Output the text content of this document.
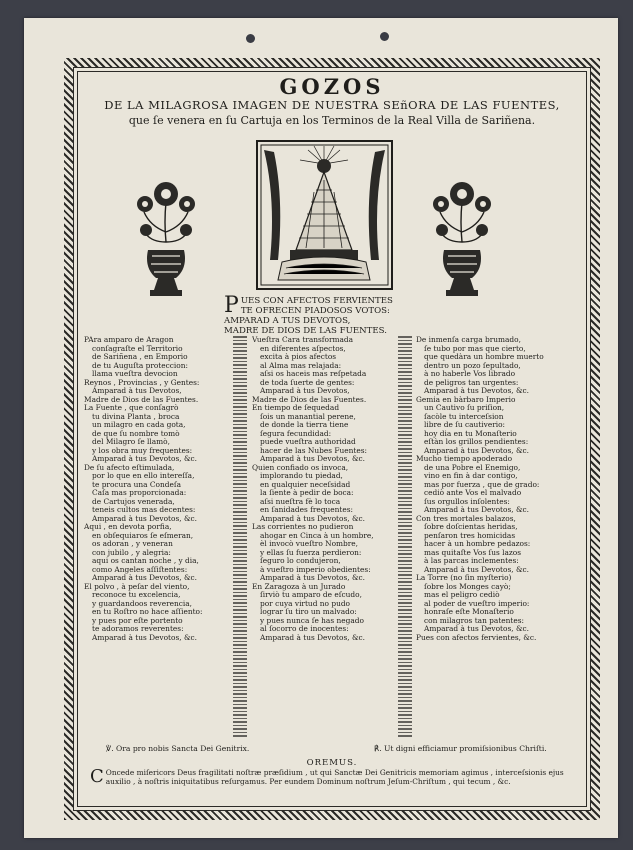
GOZOS
DE LA MILAGROSA IMAGEN DE NUESTRA SEñORA DE LAS FUENTES,
que ſe venera en ſu Cartuja en los Terminos de la Real Villa de Sariñena.
P UES CON AFECTOS FERVIENTES
TE OFRECEN PIADOSOS VOTOS:
AMPARAD A TUS DEVOTOS,
MADRE DE DIOS DE LAS FUENTES.
PAra amparo de Aragon
conſagraſte el Territorio
de Sariñena , en Emporio
de tu Auguſta proteccion:
llama vueſtra devocion
Reynos , Provincias , y Gentes:
Amparad à tus Devotos,
Madre de Dios de las Fuentes.
La Fuente , que conſagrò
tu divina Planta , broca
un milagro en cada gota,
de que ſu nombre tomò
del Milagro ſe llamò,
y los obra muy frequentes:
Amparad à tus Devotos, &c.
De ſu afecto eſtimulada,
por lo que en ello intereſſa,
te procura una Condeſa
Caſa mas proporcionada:
de Cartujos venerada,
teneis cultos mas decentes:
Amparad à tus Devotos, &c.
Aqui , en devota porfia,
en obſequiaros ſe eſmeran,
os adoran , y veneran
con jubilo , y alegria:
aqui os cantan noche , y dia,
como Angeles aſſiſtentes:
Amparad à tus Devotos, &c.
El polvo , à peſar del viento,
reconoce tu excelencia,
y guardandoos reverencia,
en tu Roſtro no hace aſſiento:
y pues por eſte portento
te adoramos reverentes:
Amparad à tus Devotos, &c.
Vueſtra Cara transformada
en diferentes aſpectos,
excita à pios afectos
al Alma mas relajada:
aſsi os haceis mas reſpetada
de toda ſuerte de gentes:
Amparad à tus Devotos,
Madre de Dios de las Fuentes.
En tiempo de ſequedad
ſois un manantial perene,
de donde la tierra tiene
ſegura fecundidad:
puede vueſtra authoridad
hacer de las Nubes Fuentes:
Amparad à tus Devotos, &c.
Quien confiado os invoca,
implorando tu piedad,
en qualquier neceſsidad
la ſiente à pedir de boca:
aſsi nueſtra fè lo toca
en ſanidades frequentes:
Amparad à tus Devotos, &c.
Las corrientes no pudieron
ahogar en Cinca à un hombre,
èl invocò vueſtro Nombre,
y ellas ſu fuerza perdieron:
ſeguro lo condujeron,
à vueſtro imperio obedientes:
Amparad à tus Devotos, &c.
En Zaragoza à un Jurado
ſirviò tu amparo de eſcudo,
por cuya virtud no pudo
lograr ſu tiro un malvado:
y pues nunca ſe has negado
al ſocorro de inocentes:
Amparad à tus Devotos, &c.
De inmenſa carga brumado,
ſe tubo por mas que cierto,
que quedàra un hombre muerto
dentro un pozo ſepultado,
à no haberle Vos librado
de peligros tan urgentes:
Amparad à tus Devotos, &c.
Gemia en bàrbaro Imperio
un Cautivo ſu priſion,
ſacòle tu interceſsion
libre de ſu cautiverio:
hoy dia en tu Monaſterio
eſtàn los grillos pendientes:
Amparad à tus Devotos, &c.
Mucho tiempo apoderado
de una Pobre el Enemigo,
vino en fin à dar contigo,
mas por fuerza , que de grado:
cediò ante Vos el malvado
ſus orgullos inſolentes:
Amparad à tus Devotos, &c.
Con tres mortales balazos,
ſobre doſcientas heridas,
penſaron tres homicidas
hacer à un hombre pedazos:
mas quitaſte Vos ſus lazos
à las parcas inclementes:
Amparad à tus Devotos, &c.
La Torre (no ſin myſterio)
ſobre los Monges cayò;
mas el peligro cediò
al poder de vueſtro imperio:
honraſe eſte Monaſterio
con milagros tan patentes:
Amparad à tus Devotos, &c.
Pues con afectos fervientes, &c.
℣. Ora pro nobis Sancta Dei Genitrix.	℟. Ut digni efficiamur promiſsionibus Chriſti.
OREMUS.
C Oncede miſericors Deus fragilitati noſtræ præſidium , ut qui Sanctæ Dei Genitricis memoriam agimus , interceſsionis ejus auxilio , à noſtris iniquitatibus reſurgamus. Per eundem Dominum noſtrum Jeſum-Chriſtum , qui tecum , &c.
